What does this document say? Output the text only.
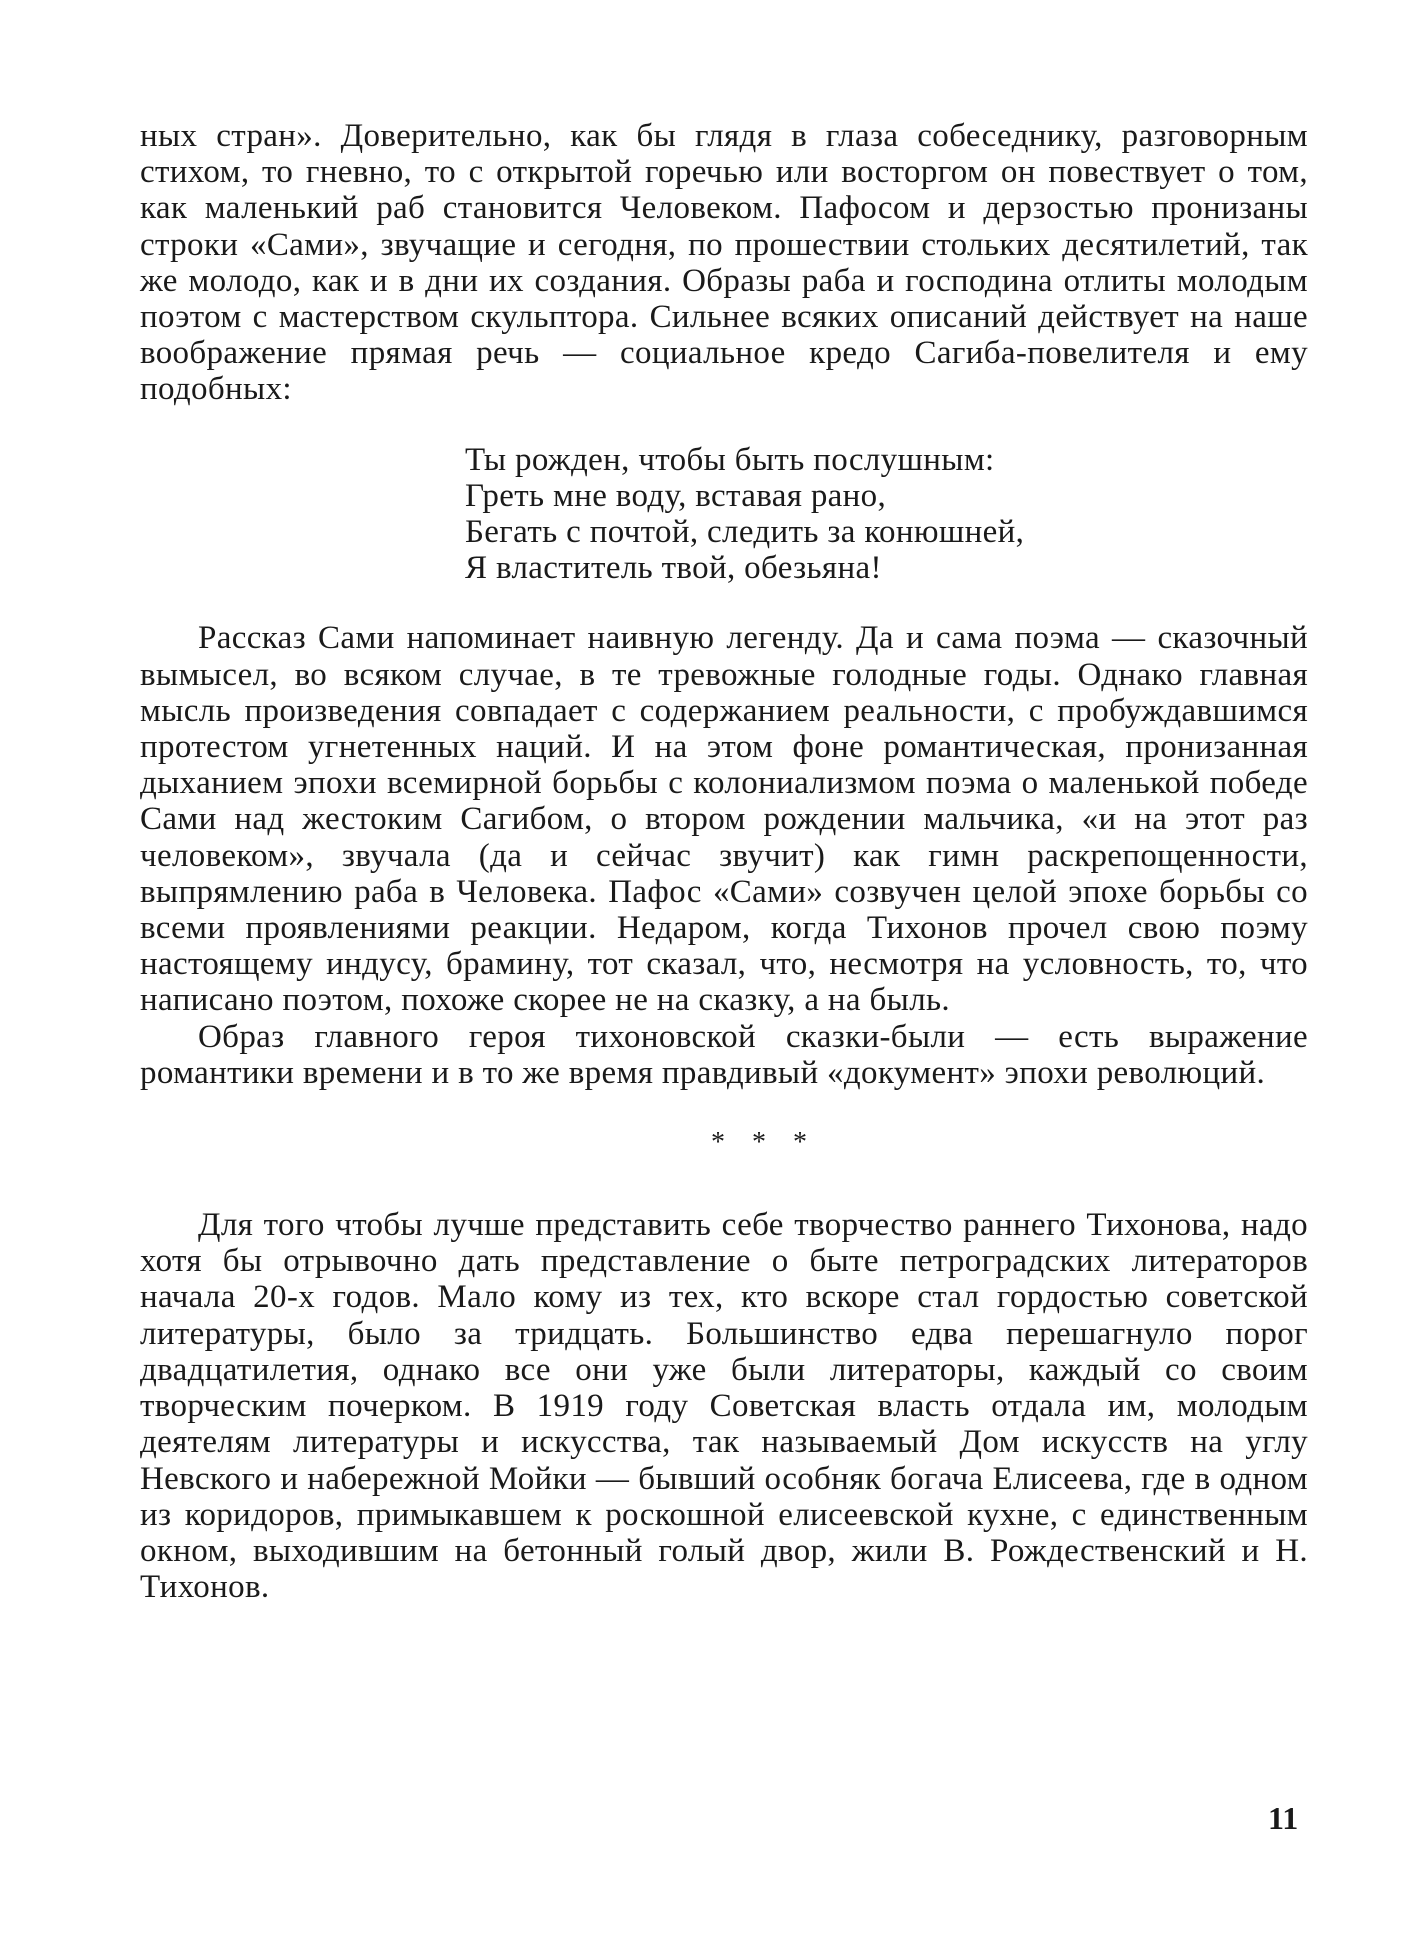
ных стран». Доверительно, как бы глядя в глаза собеседнику, разговорным стихом, то гневно, то с открытой горечью или восторгом он повествует о том, как маленький раб становится Человеком. Пафосом и дерзостью пронизаны строки «Сами», звучащие и сегодня, по прошествии стольких десятилетий, так же молодо, как и в дни их создания. Образы раба и господина отлиты молодым поэтом с мастерством скульптора. Сильнее всяких описаний действует на наше воображение прямая речь — социальное кредо Сагиба-повелителя и ему подобных:

Ты рожден, чтобы быть послушным:
Греть мне воду, вставая рано,
Бегать с почтой, следить за конюшней,
Я властитель твой, обезьяна!

Рассказ Сами напоминает наивную легенду. Да и сама поэма — сказочный вымысел, во всяком случае, в те тревожные голодные годы. Однако главная мысль произведения совпадает с содержанием реальности, с пробуждавшимся протестом угнетенных наций. И на этом фоне романтическая, пронизанная дыханием эпохи всемирной борьбы с колониализмом поэма о маленькой победе Сами над жестоким Сагибом, о втором рождении мальчика, «и на этот раз человеком», звучала (да и сейчас звучит) как гимн раскрепощенности, выпрямлению раба в Человека. Пафос «Сами» созвучен целой эпохе борьбы со всеми проявлениями реакции. Недаром, когда Тихонов прочел свою поэму настоящему индусу, брамину, тот сказал, что, несмотря на условность, то, что написано поэтом, похоже скорее не на сказку, а на быль.

Образ главного героя тихоновской сказки-были — есть выражение романтики времени и в то же время правдивый «документ» эпохи революций.

* * *

Для того чтобы лучше представить себе творчество раннего Тихонова, надо хотя бы отрывочно дать представление о быте петроградских литераторов начала 20-х годов. Мало кому из тех, кто вскоре стал гордостью советской литературы, было за тридцать. Большинство едва перешагнуло порог двадцатилетия, однако все они уже были литераторы, каждый со своим творческим почерком. В 1919 году Советская власть отдала им, молодым деятелям литературы и искусства, так называемый Дом искусств на углу Невского и набережной Мойки — бывший особняк богача Елисеева, где в одном из коридоров, примыкавшем к роскошной елисеевской кухне, с единственным окном, выходившим на бетонный голый двор, жили В. Рождественский и Н. Тихонов.

11
